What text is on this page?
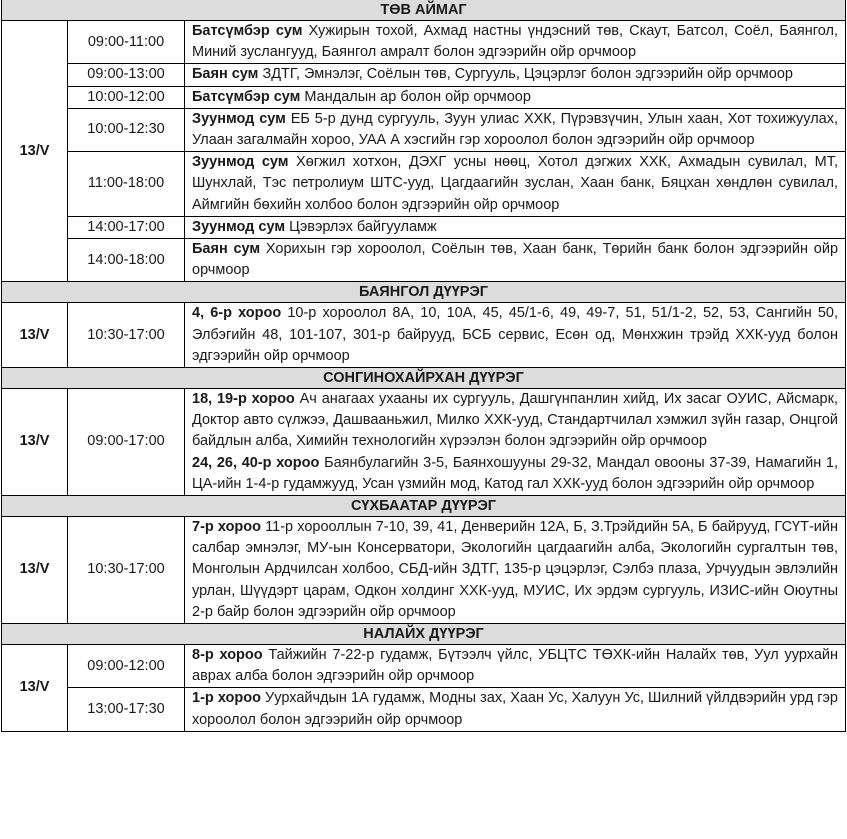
ТӨВ АЙМАГ		
13/V	09:00-11:00	Батсүмбэр сум Хужирын тохой, Ахмад настны үндэсний төв, Скаут, Батсол, Соёл, Баянгол, Миний зуслангууд, Баянгол амралт болон эдгээрийн ойр орчмоор

	09:00-13:00	Баян сум ЗДТГ, Эмнэлэг, Соёлын төв, Сургууль, Цэцэрлэг болон эдгээрийн ойр орчмоор

	10:00-12:00	Батсүмбэр сум Мандалын ар болон ойр орчмоор

	10:00-12:30	Зуунмод сум ЕБ 5-р дунд сургууль, Зуун улиас ХХК, Пүрэвзүчин, Улын хаан, Хот тохижуулах, Улаан загалмайн хороо, УАА А хэсгийн гэр хороолол болон эдгээрийн ойр орчмоор

	11:00-18:00	Зуунмод сум Хөгжил хотхон, ДЭХГ усны нөөц, Хотол дэгжих ХХК, Ахмадын сувилал, МТ, Шунхлай, Тэс петролиум ШТС-ууд, Цагдаагийн зуслан, Хаан банк, Бяцхан хөндлөн сувилал, Аймгийн бөхийн холбоо болон эдгээрийн ойр орчмоор

	14:00-17:00	Зуунмод сум Цэвэрлэх байгууламж

	14:00-18:00	Баян сум Хорихын гэр хороолол, Соёлын төв, Хаан банк, Төрийн банк болон эдгээрийн ойр орчмоор

БАЯНГОЛ ДҮҮРЭГ		
13/V	10:30-17:00	4, 6-р хороо 10-р хороолол 8А, 10, 10А, 45, 45/1-6, 49, 49-7, 51, 51/1-2, 52, 53, Сангийн 50, Элбэгийн 48, 101-107, 301-р байрууд, БСБ сервис, Есөн од, Мөнхжин трэйд ХХК-ууд болон эдгээрийн ойр орчмоор

СОНГИНОХАЙРХАН ДҮҮРЭГ		
13/V	09:00-17:00	18, 19-р хороо Ач анагаах ухааны их сургууль, Дашгүнпанлин хийд, Их засаг ОУИС, Айсмарк, Доктор авто сүлжээ, Дашвааньжил, Милко ХХК-ууд, Стандартчилал хэмжил зүйн газар, Онцгой байдлын алба, Химийн технологийн хүрээлэн болон эдгээрийн ойр орчмоор
24, 26, 40-р хороо Баянбулагийн 3-5, Баянхошууны 29-32, Мандал овооны 37-39, Намагийн 1, ЦА-ийн 1-4-р гудамжууд, Усан үзмийн мод, Катод гал ХХК-ууд болон эдгээрийн ойр орчмоор

СҮХБААТАР ДҮҮРЭГ		
13/V	10:30-17:00	7-р хороо 11-р хорооллын 7-10, 39, 41, Денверийн 12А, Б, З.Трэйдийн 5А, Б байрууд, ГСҮТ-ийн салбар эмнэлэг, МУ-ын Консерватори, Экологийн цагдаагийн алба, Экологийн сургалтын төв, Монголын Ардчилсан холбоо, СБД-ийн ЗДТГ, 135-р цэцэрлэг, Сэлбэ плаза, Урчуудын эвлэлийн урлан, Шүүдэрт царам, Одкон холдинг ХХК-ууд, МУИС, Их эрдэм сургууль, ИЗИС-ийн Оюутны 2-р байр болон эдгээрийн ойр орчмоор

НАЛАЙХ ДҮҮРЭГ		
13/V	09:00-12:00	8-р хороо Тайжийн 7-22-р гудамж, Бүтээлч үйлс, УБЦТС ТӨХК-ийн Налайх төв, Уул уурхайн аврах алба болон эдгээрийн ойр орчмоор

	13:00-17:30	1-р хороо Уурхайчдын 1А гудамж, Модны зах, Хаан Ус, Халуун Ус, Шилний үйлдвэрийн урд гэр хороолол болон эдгээрийн ойр орчмоор
